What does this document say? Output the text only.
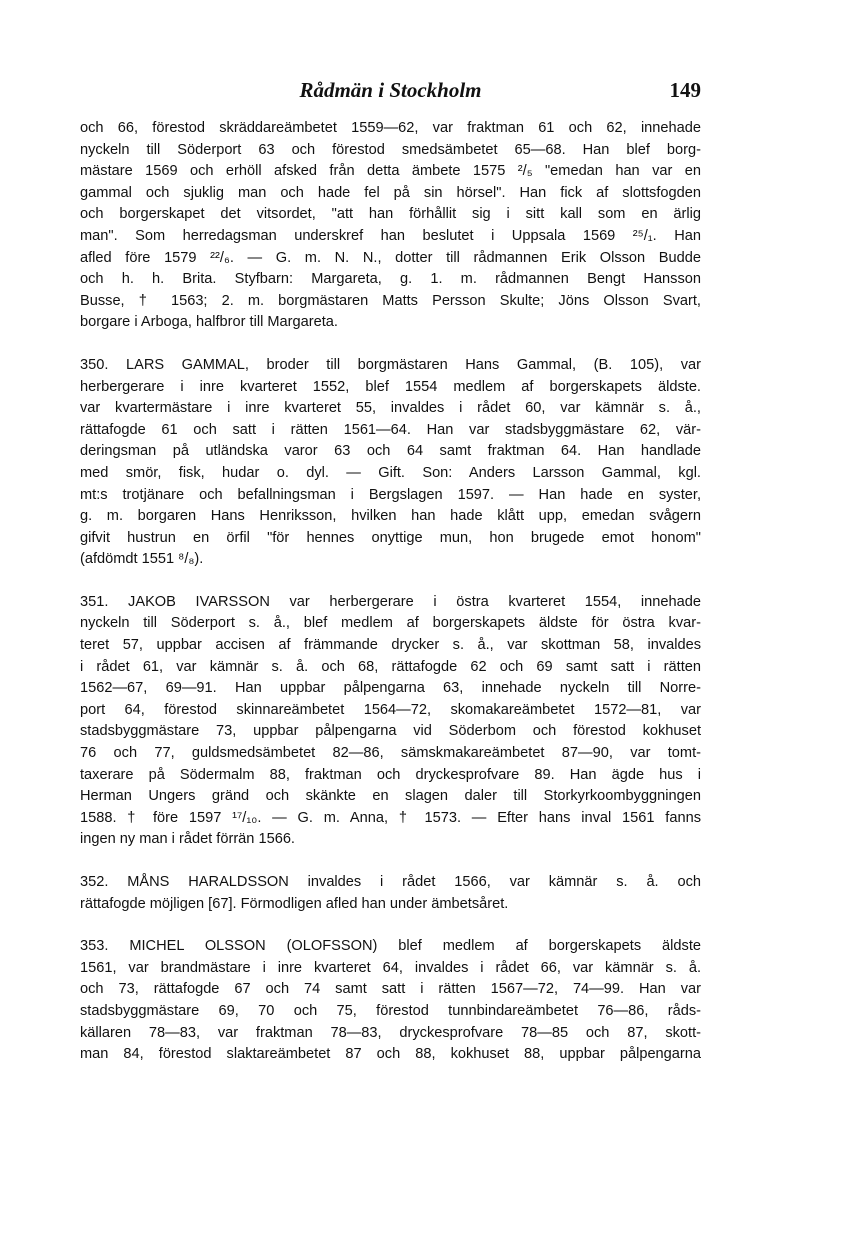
Rådmän i Stockholm	149
och 66, förestod skräddareämbetet 1559—62, var fraktman 61 och 62, innehade
nyckeln till Söderport 63 och förestod smedsämbetet 65—68. Han blef borg-
mästare 1569 och erhöll afsked från detta ämbete 1575 ²/₅ "emedan han var en
gammal och sjuklig man och hade fel på sin hörsel". Han fick af slottsfogden
och borgerskapet det vitsordet, "att han förhållit sig i sitt kall som en ärlig
man". Som herredagsman underskref han beslutet i Uppsala 1569 ²⁵/₁. Han
afled före 1579 ²²/₆. — G. m. N. N., dotter till rådmannen Erik Olsson Budde
och h. h. Brita. Styfbarn: Margareta, g. 1. m. rådmannen Bengt Hansson
Busse, † 1563; 2. m. borgmästaren Matts Persson Skulte; Jöns Olsson Svart,
borgare i Arboga, halfbror till Margareta.
350. LARS GAMMAL, broder till borgmästaren Hans Gammal, (B. 105), var
herbergerare i inre kvarteret 1552, blef 1554 medlem af borgerskapets äldste.
var kvartermästare i inre kvarteret 55, invaldes i rådet 60, var kämnär s. å.,
rättafogde 61 och satt i rätten 1561—64. Han var stadsbyggmästare 62, vär-
deringsman på utländska varor 63 och 64 samt fraktman 64. Han handlade
med smör, fisk, hudar o. dyl. — Gift. Son: Anders Larsson Gammal, kgl.
mt:s trotjänare och befallningsman i Bergslagen 1597. — Han hade en syster,
g. m. borgaren Hans Henriksson, hvilken han hade klått upp, emedan svågern
gifvit hustrun en örfil "för hennes onyttige mun, hon brugede emot honom"
(afdömdt 1551 ⁸/₈).
351. JAKOB IVARSSON var herbergerare i östra kvarteret 1554, innehade
nyckeln till Söderport s. å., blef medlem af borgerskapets äldste för östra kvar-
teret 57, uppbar accisen af främmande drycker s. å., var skottman 58, invaldes
i rådet 61, var kämnär s. å. och 68, rättafogde 62 och 69 samt satt i rätten
1562—67, 69—91. Han uppbar pålpengarna 63, innehade nyckeln till Norre-
port 64, förestod skinnareämbetet 1564—72, skomakareämbetet 1572—81, var
stadsbyggmästare 73, uppbar pålpengarna vid Söderbom och förestod kokhuset
76 och 77, guldsmedsämbetet 82—86, sämskmakareämbetet 87—90, var tomt-
taxerare på Södermalm 88, fraktman och dryckesprofvare 89. Han ägde hus i
Herman Ungers gränd och skänkte en slagen daler till Storkyrkoombyggningen
1588. † före 1597 ¹⁷/₁₀. — G. m. Anna, † 1573. — Efter hans inval 1561 fanns
ingen ny man i rådet förrän 1566.
352. MÅNS HARALDSSON invaldes i rådet 1566, var kämnär s. å. och
rättafogde möjligen [67]. Förmodligen afled han under ämbetsåret.
353. MICHEL OLSSON (OLOFSSON) blef medlem af borgerskapets äldste
1561, var brandmästare i inre kvarteret 64, invaldes i rådet 66, var kämnär s. å.
och 73, rättafogde 67 och 74 samt satt i rätten 1567—72, 74—99. Han var
stadsbyggmästare 69, 70 och 75, förestod tunnbindareämbetet 76—86, råds-
källaren 78—83, var fraktman 78—83, dryckesprofvare 78—85 och 87, skott-
man 84, förestod slaktareämbetet 87 och 88, kokhuset 88, uppbar pålpengarna
